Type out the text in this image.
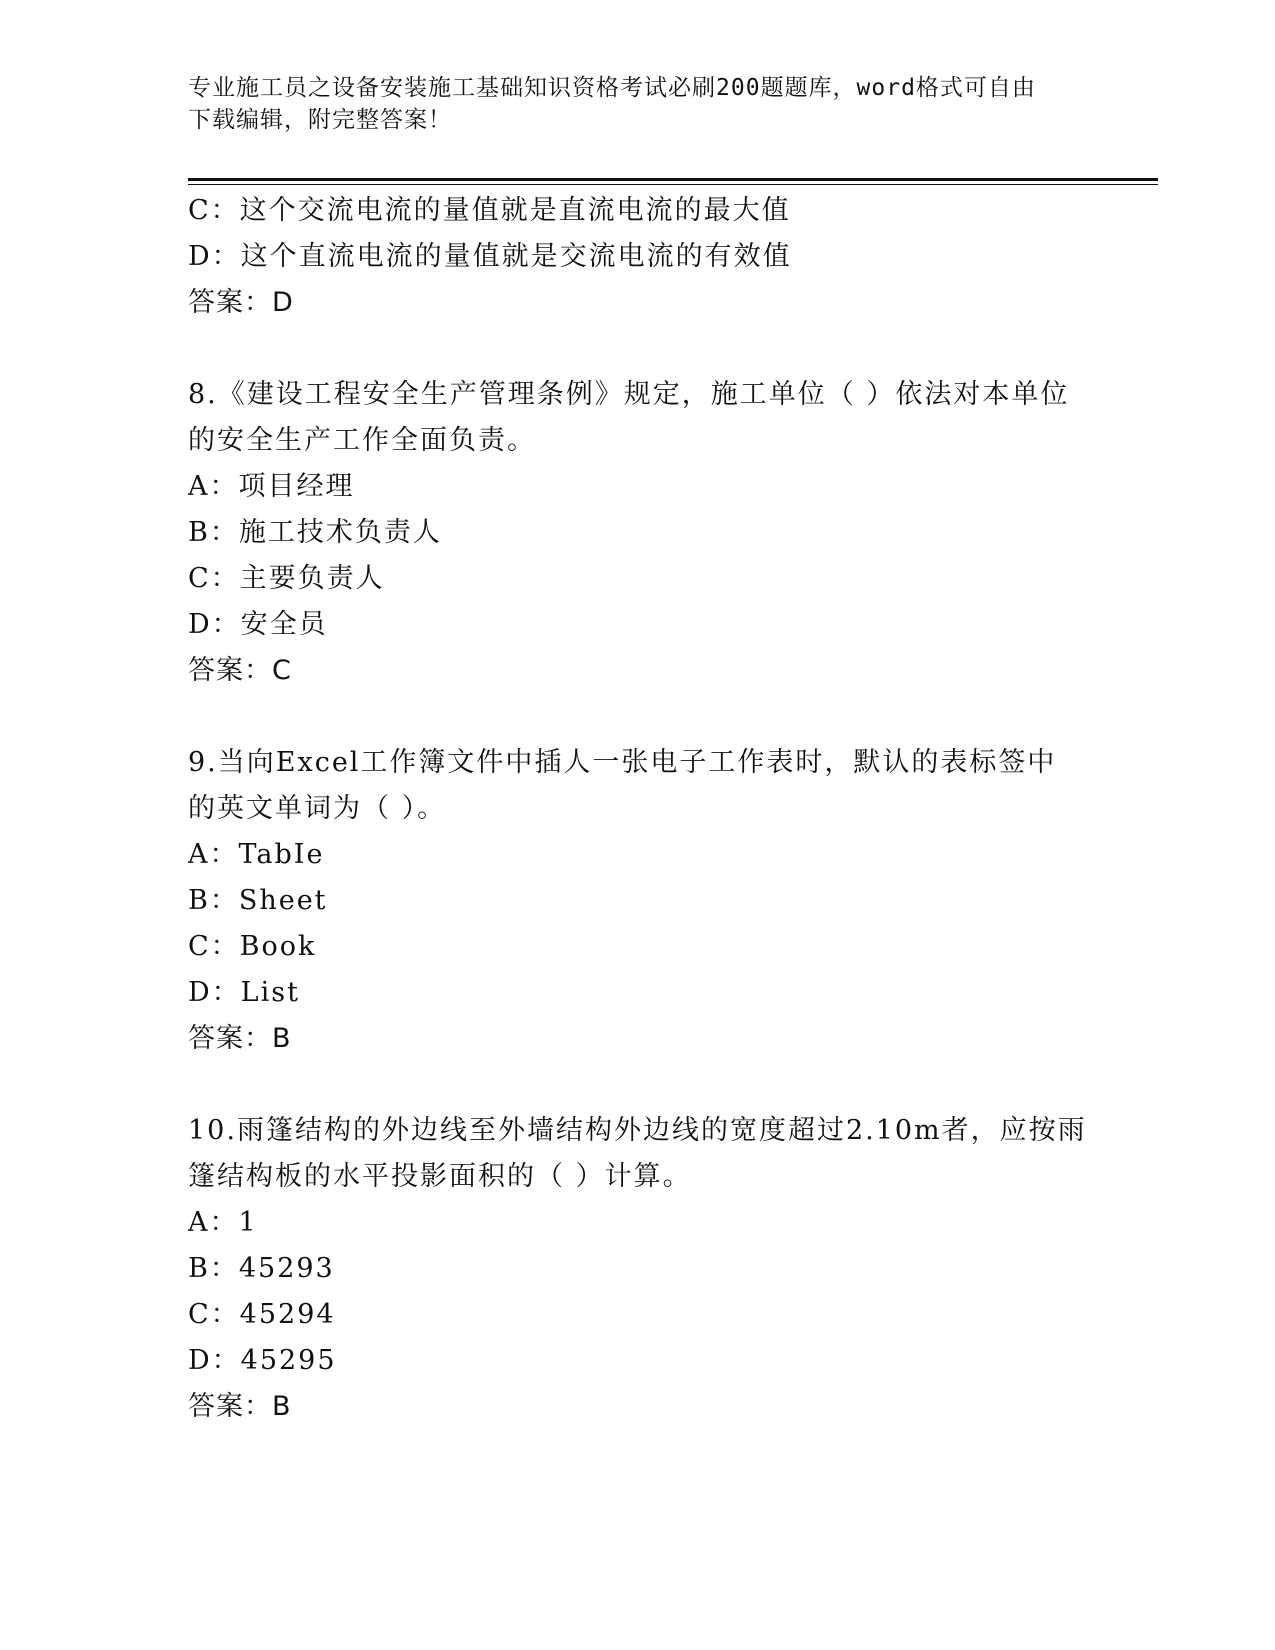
专业施工员之设备安装施工基础知识资格考试必刷200题题库，word格式可自由
下载编辑，附完整答案！
C：这个交流电流的量值就是直流电流的最大值
D：这个直流电流的量值就是交流电流的有效值
答案：D
8.《建设工程安全生产管理条例》规定，施工单位（ ）依法对本单位
的安全生产工作全面负责。
A：项目经理
B：施工技术负责人
C：主要负责人
D：安全员
答案：C
9.当向Excel工作簿文件中插人一张电子工作表时，默认的表标签中
的英文单词为（ ）。
A：TabIe
B：Sheet
C：Book
D：List
答案：B
10.雨篷结构的外边线至外墙结构外边线的宽度超过2.10m者，应按雨
篷结构板的水平投影面积的（ ）计算。
A：1
B：45293
C：45294
D：45295
答案：B
